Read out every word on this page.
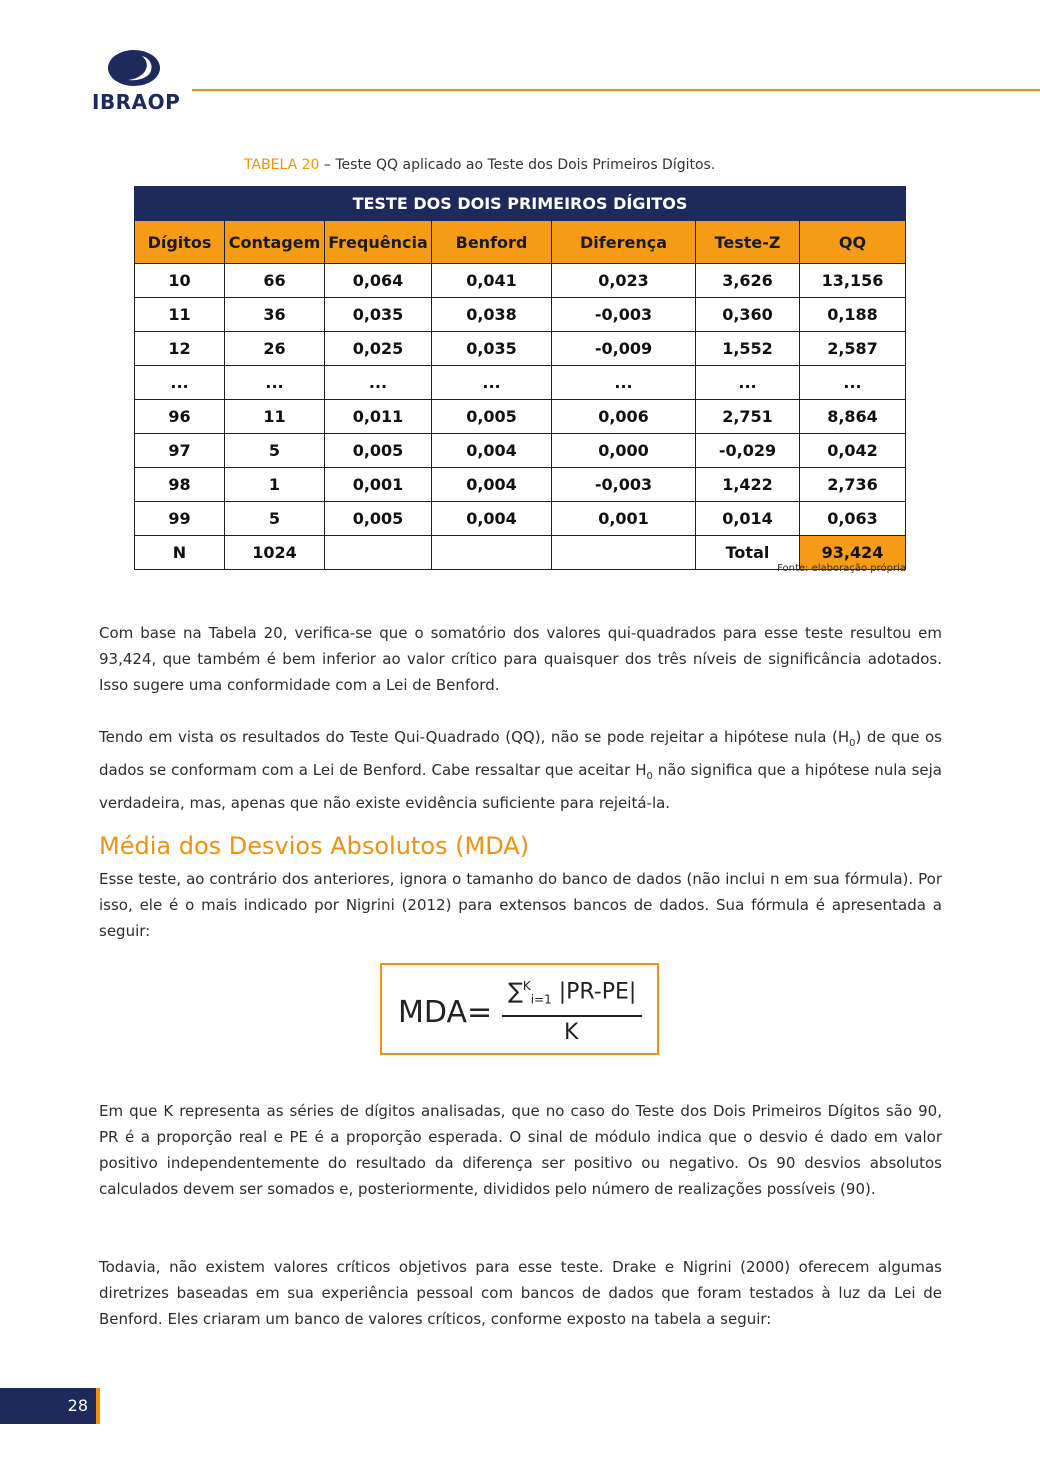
IBRAOP
TABELA 20 – Teste QQ aplicado ao Teste dos Dois Primeiros Dígitos.
TESTE DOS DOIS PRIMEIROS DÍGITOS						
Dígitos	Contagem	Frequência	Benford	Diferença	Teste-Z	QQ
10	66	0,064	0,041	0,023	3,626	13,156
11	36	0,035	0,038	-0,003	0,360	0,188
12	26	0,025	0,035	-0,009	1,552	2,587
...	...	...	...	...	...	...
96	11	0,011	0,005	0,006	2,751	8,864
97	5	0,005	0,004	0,000	-0,029	0,042
98	1	0,001	0,004	-0,003	1,422	2,736
99	5	0,005	0,004	0,001	0,014	0,063
N	1024				Total	93,424
Fonte: elaboração própria

Com base na Tabela 20, verifica-se que o somatório dos valores qui-quadrados para esse teste resultou em 93,424, que também é bem inferior ao valor crítico para quaisquer dos três níveis de significância adotados. Isso sugere uma conformidade com a Lei de Benford.

Tendo em vista os resultados do Teste Qui-Quadrado (QQ), não se pode rejeitar a hipótese nula $(H_0)$ de que os dados se conformam com a Lei de Benford. Cabe ressaltar que aceitar $H_0$ não significa que a hipótese nula seja verdadeira, mas, apenas que não existe evidência suficiente para rejeitá-la.

Média dos Desvios Absolutos (MDA)

Esse teste, ao contrário dos anteriores, ignora o tamanho do banco de dados (não inclui n em sua fórmula). Por isso, ele é o mais indicado por Nigrini (2012) para extensos bancos de dados. Sua fórmula é apresentada a seguir:

MDA=
∑$^K_{i=1}$ |PR-PE|
K

Em que K representa as séries de dígitos analisadas, que no caso do Teste dos Dois Primeiros Dígitos são 90, PR é a proporção real e PE é a proporção esperada. O sinal de módulo indica que o desvio é dado em valor positivo independentemente do resultado da diferença ser positivo ou negativo. Os 90 desvios absolutos calculados devem ser somados e, posteriormente, divididos pelo número de realizações possíveis (90).

Todavia, não existem valores críticos objetivos para esse teste. Drake e Nigrini (2000) oferecem algumas diretrizes baseadas em sua experiência pessoal com bancos de dados que foram testados à luz da Lei de Benford. Eles criaram um banco de valores críticos, conforme exposto na tabela a seguir:

28
